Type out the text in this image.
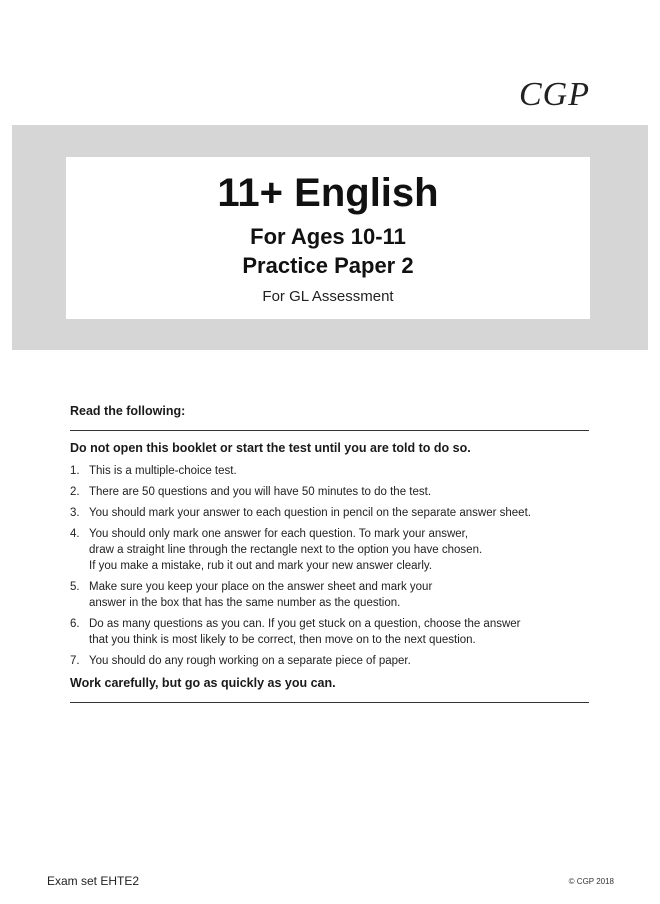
CGP
11+ English
For Ages 10-11
Practice Paper 2
For GL Assessment
Read the following:
Do not open this booklet or start the test until you are told to do so.
1. This is a multiple-choice test.
2. There are 50 questions and you will have 50 minutes to do the test.
3. You should mark your answer to each question in pencil on the separate answer sheet.
4. You should only mark one answer for each question. To mark your answer,
draw a straight line through the rectangle next to the option you have chosen.
If you make a mistake, rub it out and mark your new answer clearly.
5. Make sure you keep your place on the answer sheet and mark your
answer in the box that has the same number as the question.
6. Do as many questions as you can. If you get stuck on a question, choose the answer
that you think is most likely to be correct, then move on to the next question.
7. You should do any rough working on a separate piece of paper.
Work carefully, but go as quickly as you can.
Exam set EHTE2	© CGP 2018
